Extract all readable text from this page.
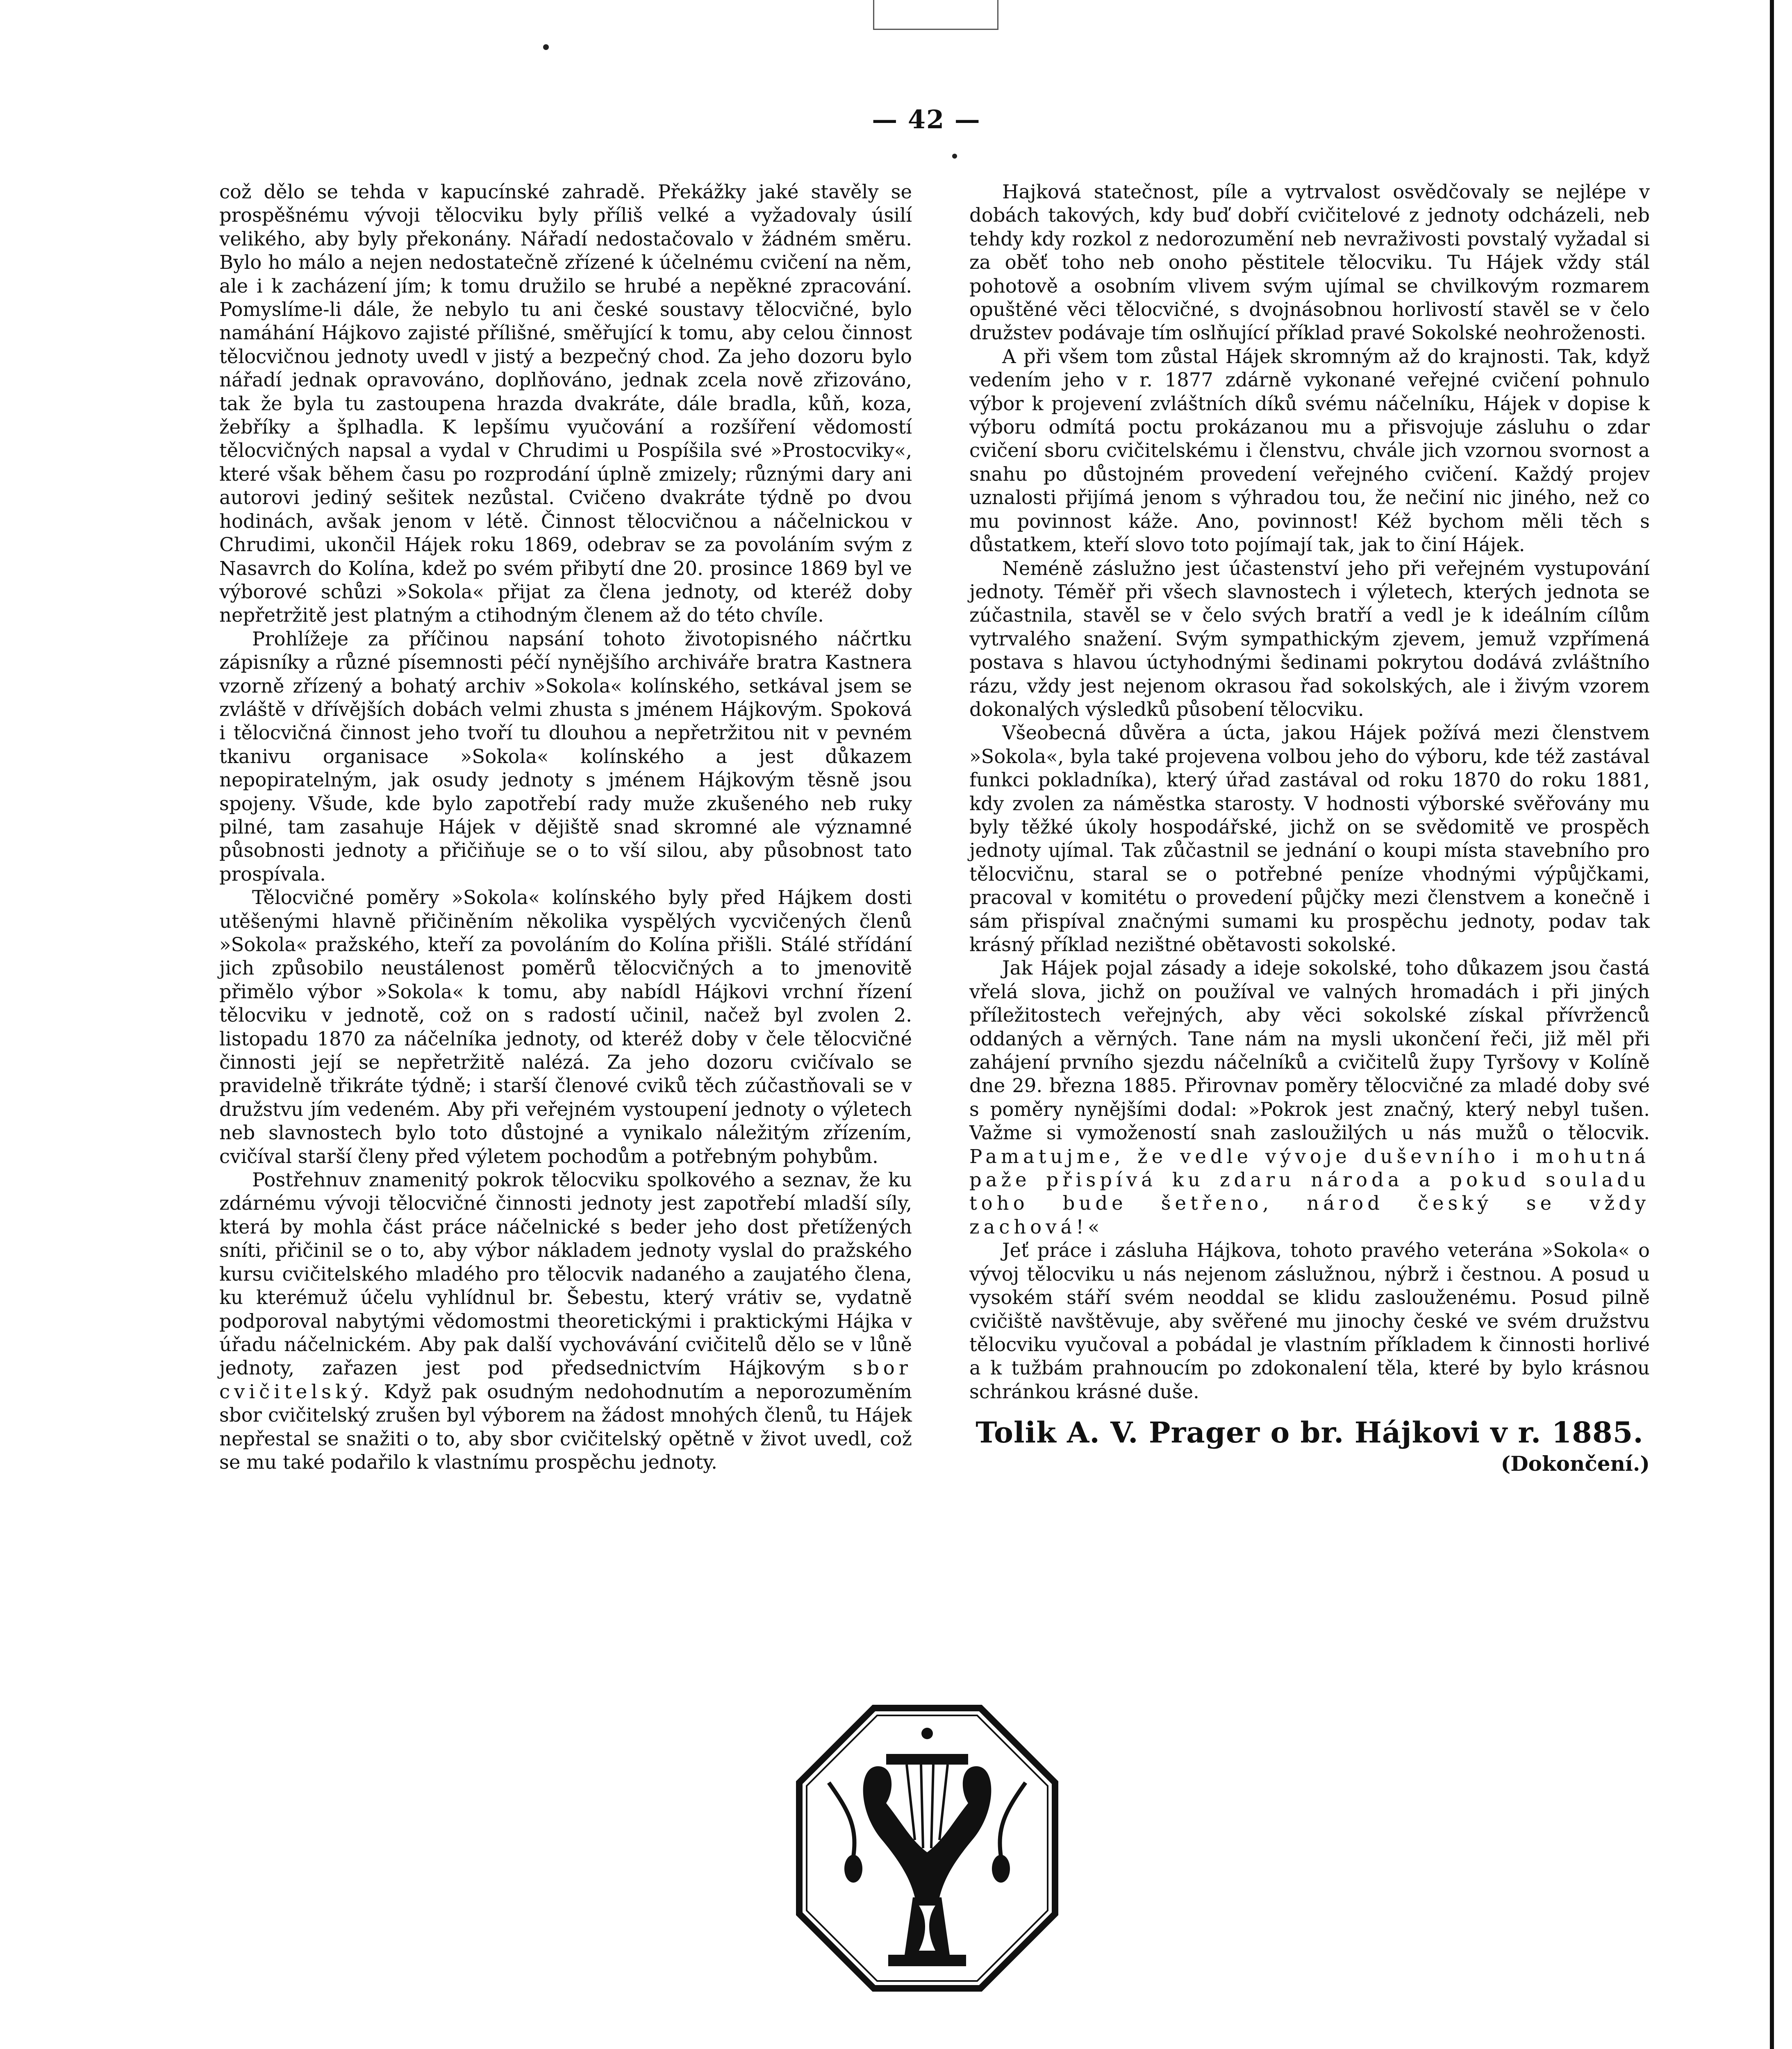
— 42 —

což dělo se tehda v kapucínské zahradě. Překážky jaké stavěly se prospěšnému vývoji tělocviku byly příliš velké a vyžadovaly úsilí velikého, aby byly překonány. Nářadí nedostačovalo v žádném směru. Bylo ho málo a nejen nedostatečně zřízené k účelnému cvičení na něm, ale i k zacházení jím; k tomu družilo se hrubé a nepěkné zpracování. Pomyslíme-li dále, že nebylo tu ani české soustavy tělocvičné, bylo namáhání Hájkovo zajisté přílišné, směřující k tomu, aby celou činnost tělocvičnou jednoty uvedl v jistý a bezpečný chod. Za jeho dozoru bylo nářadí jednak opravováno, doplňováno, jednak zcela nově zřizováno, tak že byla tu zastoupena hrazda dvakráte, dále bradla, kůň, koza, žebříky a šplhadla. K lepšímu vyučování a rozšíření vědomostí tělocvičných napsal a vydal v Chrudimi u Pospíšila své »Prostocviky«, které však během času po rozprodání úplně zmizely; různými dary ani autorovi jediný sešitek nezůstal. Cvičeno dvakráte týdně po dvou hodinách, avšak jenom v létě. Činnost tělocvičnou a náčelnickou v Chrudimi, ukončil Hájek roku 1869, odebrav se za povoláním svým z Nasavrch do Kolína, kdež po svém přibytí dne 20. prosince 1869 byl ve výborové schůzi »Sokola« přijat za člena jednoty, od kteréž doby nepřetržitě jest platným a ctihodným členem až do této chvíle.

Prohlížeje za příčinou napsání tohoto životopisného náčrtku zápisníky a různé písemnosti péčí nynějšího archiváře bratra Kastnera vzorně zřízený a bohatý archiv »Sokola« kolínského, setkával jsem se zvláště v dřívějších dobách velmi zhusta s jménem Hájkovým. Spoková i tělocvičná činnost jeho tvoří tu dlouhou a nepřetržitou nit v pevném tkanivu organisace »Sokola« kolínského a jest důkazem nepopiratelným, jak osudy jednoty s jménem Hájkovým těsně jsou spojeny. Všude, kde bylo zapotřebí rady muže zkušeného neb ruky pilné, tam zasahuje Hájek v dějiště snad skromné ale významné působnosti jednoty a přičiňuje se o to vší silou, aby působnost tato prospívala.

Tělocvičné poměry »Sokola« kolínského byly před Hájkem dosti utěšenými hlavně přičiněním několika vyspělých vycvičených členů »Sokola« pražského, kteří za povoláním do Kolína přišli. Stálé střídání jich způsobilo neustálenost poměrů tělocvičných a to jmenovitě přimělo výbor »Sokola« k tomu, aby nabídl Hájkovi vrchní řízení tělocviku v jednotě, což on s radostí učinil, načež byl zvolen 2. listopadu 1870 za náčelníka jednoty, od kteréž doby v čele tělocvičné činnosti její se nepřetržitě nalézá. Za jeho dozoru cvičívalo se pravidelně třikráte týdně; i starší členové cviků těch zúčastňovali se v družstvu jím vedeném. Aby při veřejném vystoupení jednoty o výletech neb slavnostech bylo toto důstojné a vynikalo náležitým zřízením, cvičíval starší členy před výletem pochodům a potřebným pohybům.

Postřehnuv znamenitý pokrok tělocviku spolkového a seznav, že ku zdárnému vývoji tělocvičné činnosti jednoty jest zapotřebí mladší síly, která by mohla část práce náčelnické s beder jeho dost přetížených sníti, přičinil se o to, aby výbor nákladem jednoty vyslal do pražského kursu cvičitelského mladého pro tělocvik nadaného a zaujatého člena, ku kterémuž účelu vyhlídnul br. Šebestu, který vrátiv se, vydatně podporoval nabytými vědomostmi theoretickými i praktickými Hájka v úřadu náčelnickém. Aby pak další vychovávání cvičitelů dělo se v lůně jednoty, zařazen jest pod předsednictvím Hájkovým sbor cvičitelský. Když pak osudným nedohodnutím a neporozuměním sbor cvičitelský zrušen byl výborem na žádost mnohých členů, tu Hájek nepřestal se snažiti o to, aby sbor cvičitelský opětně v život uvedl, což se mu také podařilo k vlastnímu prospěchu jednoty.

Hajková statečnost, píle a vytrvalost osvědčovaly se nejlépe v dobách takových, kdy buď dobří cvičitelové z jednoty odcházeli, neb tehdy kdy rozkol z nedorozumění neb nevraživosti povstalý vyžadal si za oběť toho neb onoho pěstitele tělocviku. Tu Hájek vždy stál pohotově a osobním vlivem svým ujímal se chvilkovým rozmarem opuštěné věci tělocvičné, s dvojnásobnou horlivostí stavěl se v čelo družstev podávaje tím oslňující příklad pravé Sokolské neohroženosti.

A při všem tom zůstal Hájek skromným až do krajnosti. Tak, když vedením jeho v r. 1877 zdárně vykonané veřejné cvičení pohnulo výbor k projevení zvláštních díků svému náčelníku, Hájek v dopise k výboru odmítá poctu prokázanou mu a přisvojuje zásluhu o zdar cvičení sboru cvičitelskému i členstvu, chvále jich vzornou svornost a snahu po důstojném provedení veřejného cvičení. Každý projev uznalosti přijímá jenom s výhradou tou, že nečiní nic jiného, než co mu povinnost káže. Ano, povinnost! Kéž bychom měli těch s důstatkem, kteří slovo toto pojímají tak, jak to činí Hájek.

Neméně záslužno jest účastenství jeho při veřejném vystupování jednoty. Téměř při všech slavnostech i výletech, kterých jednota se zúčastnila, stavěl se v čelo svých bratří a vedl je k ideálním cílům vytrvalého snažení. Svým sympathickým zjevem, jemuž vzpřímená postava s hlavou úctyhodnými šedinami pokrytou dodává zvláštního rázu, vždy jest nejenom okrasou řad sokolských, ale i živým vzorem dokonalých výsledků působení tělocviku.

Všeobecná důvěra a úcta, jakou Hájek požívá mezi členstvem »Sokola«, byla také projevena volbou jeho do výboru, kde též zastával funkci pokladníka), který úřad zastával od roku 1870 do roku 1881, kdy zvolen za náměstka starosty. V hodnosti výborské svěřovány mu byly těžké úkoly hospodářské, jichž on se svědomitě ve prospěch jednoty ujímal. Tak zůčastnil se jednání o koupi místa stavebního pro tělocvičnu, staral se o potřebné peníze vhodnými výpůjčkami, pracoval v komitétu o provedení půjčky mezi členstvem a konečně i sám přispíval značnými sumami ku prospěchu jednoty, podav tak krásný příklad nezištné obětavosti sokolské.

Jak Hájek pojal zásady a ideje sokolské, toho důkazem jsou častá vřelá slova, jichž on používal ve valných hromadách i při jiných příležitostech veřejných, aby věci sokolské získal přívrženců oddaných a věrných. Tane nám na mysli ukončení řeči, již měl při zahájení prvního sjezdu náčelníků a cvičitelů župy Tyršovy v Kolíně dne 29. března 1885. Přirovnav poměry tělocvičné za mladé doby své s poměry nynějšími dodal: »Pokrok jest značný, který nebyl tušen. Važme si vymožeností snah zasloužilých u nás mužů o tělocvik. Pamatujme, že vedle vývoje duševního i mohutná paže přispívá ku zdaru národa a pokud souladu toho bude šetřeno, národ český se vždy zachová!«

Jeť práce i zásluha Hájkova, tohoto pravého veterána »Sokola« o vývoj tělocviku u nás nejenom záslužnou, nýbrž i čestnou. A posud u vysokém stáří svém neoddal se klidu zaslouženému. Posud pilně cvičiště navštěvuje, aby svěřené mu jinochy české ve svém družstvu tělocviku vyučoval a pobádal je vlastním příkladem k činnosti horlivé a k tužbám prahnoucím po zdokonalení těla, které by bylo krásnou schránkou krásné duše.

Tolik A. V. Prager o br. Hájkovi v r. 1885.
(Dokončení.)
